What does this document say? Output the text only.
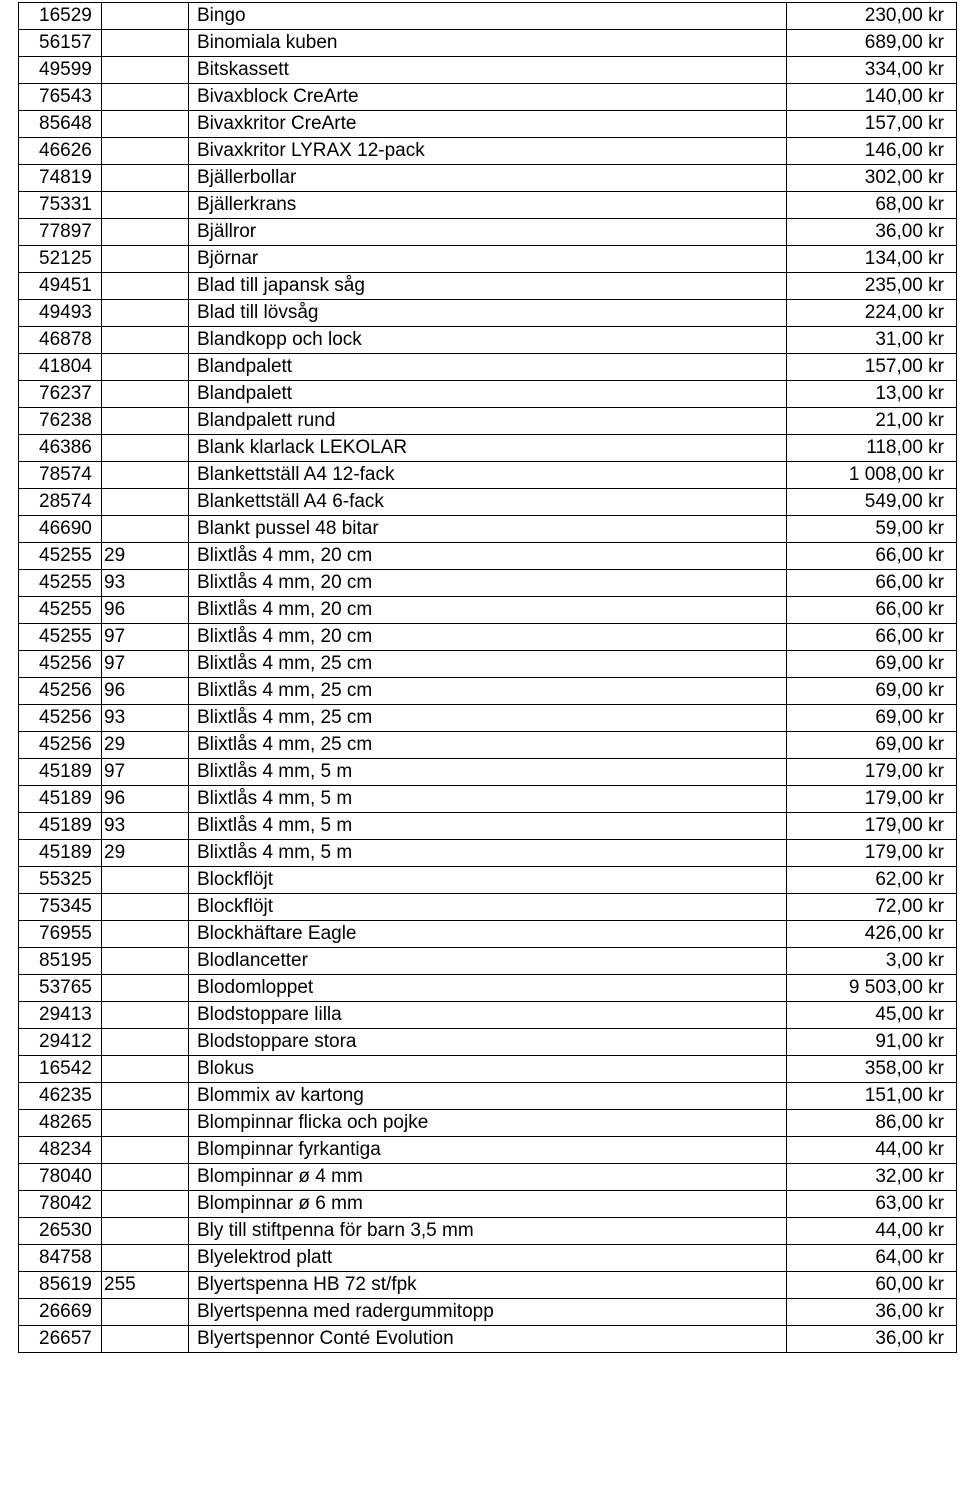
16529		Bingo	230,00 kr
56157		Binomiala kuben	689,00 kr
49599		Bitskassett	334,00 kr
76543		Bivaxblock CreArte	140,00 kr
85648		Bivaxkritor CreArte	157,00 kr
46626		Bivaxkritor LYRAX 12-pack	146,00 kr
74819		Bjällerbollar	302,00 kr
75331		Bjällerkrans	68,00 kr
77897		Bjällror	36,00 kr
52125		Björnar	134,00 kr
49451		Blad till japansk såg	235,00 kr
49493		Blad till lövsåg	224,00 kr
46878		Blandkopp och lock	31,00 kr
41804		Blandpalett	157,00 kr
76237		Blandpalett	13,00 kr
76238		Blandpalett rund	21,00 kr
46386		Blank klarlack LEKOLAR	118,00 kr
78574		Blankettställ A4 12-fack	1 008,00 kr
28574		Blankettställ A4 6-fack	549,00 kr
46690		Blankt pussel 48 bitar	59,00 kr
45255	29	Blixtlås 4 mm, 20 cm	66,00 kr
45255	93	Blixtlås 4 mm, 20 cm	66,00 kr
45255	96	Blixtlås 4 mm, 20 cm	66,00 kr
45255	97	Blixtlås 4 mm, 20 cm	66,00 kr
45256	97	Blixtlås 4 mm, 25 cm	69,00 kr
45256	96	Blixtlås 4 mm, 25 cm	69,00 kr
45256	93	Blixtlås 4 mm, 25 cm	69,00 kr
45256	29	Blixtlås 4 mm, 25 cm	69,00 kr
45189	97	Blixtlås 4 mm, 5 m	179,00 kr
45189	96	Blixtlås 4 mm, 5 m	179,00 kr
45189	93	Blixtlås 4 mm, 5 m	179,00 kr
45189	29	Blixtlås 4 mm, 5 m	179,00 kr
55325		Blockflöjt	62,00 kr
75345		Blockflöjt	72,00 kr
76955		Blockhäftare Eagle	426,00 kr
85195		Blodlancetter	3,00 kr
53765		Blodomloppet	9 503,00 kr
29413		Blodstoppare lilla	45,00 kr
29412		Blodstoppare stora	91,00 kr
16542		Blokus	358,00 kr
46235		Blommix av kartong	151,00 kr
48265		Blompinnar flicka och pojke	86,00 kr
48234		Blompinnar fyrkantiga	44,00 kr
78040		Blompinnar ø 4 mm	32,00 kr
78042		Blompinnar ø 6 mm	63,00 kr
26530		Bly till stiftpenna för barn 3,5 mm	44,00 kr
84758		Blyelektrod platt	64,00 kr
85619	255	Blyertspenna HB 72 st/fpk	60,00 kr
26669		Blyertspenna med radergummitopp	36,00 kr
26657		Blyertspennor Conté Evolution	36,00 kr
